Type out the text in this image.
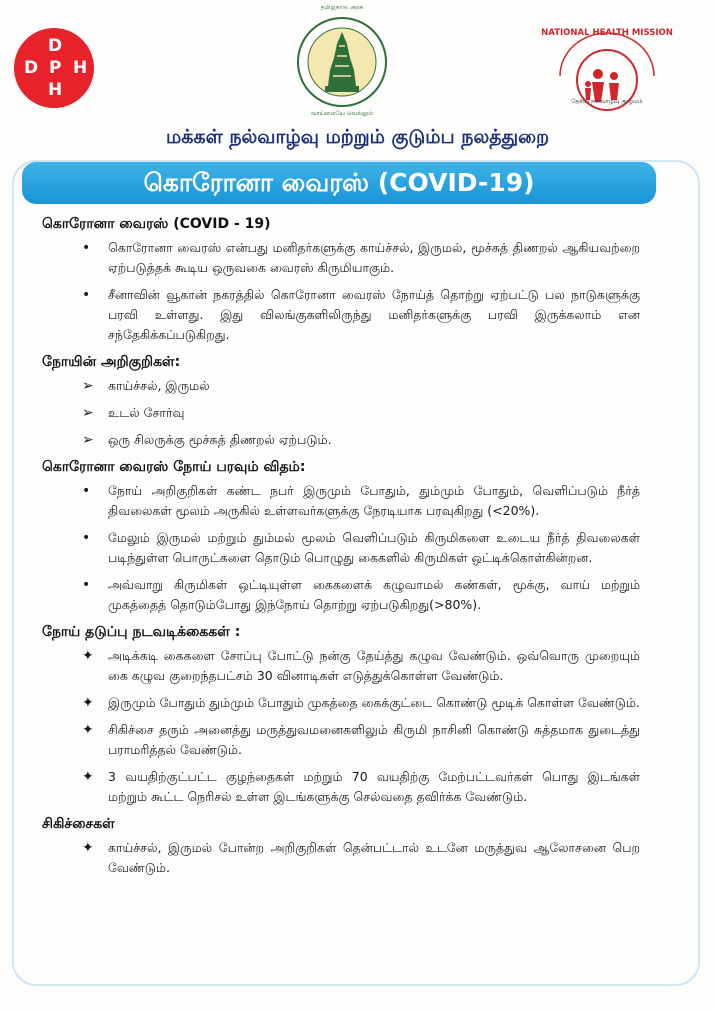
D
D P H
H
NATIONAL HEALTH MISSION
தேசிய நலவாழ்வு குழுமம்
தமிழ்நாடு அரசு
வாய்மையே வெல்லும்
மக்கள் நல்வாழ்வு மற்றும் குடும்ப நலத்துறை
கொரோனா வைரஸ் (COVID-19)
கொரோனா வைரஸ் (COVID - 19)
• கொரோனா வைரஸ் என்பது மனிதர்களுக்கு காய்ச்சல், இருமல், மூச்சுத் திணறல் ஆகியவற்றை ஏற்படுத்தக் கூடிய ஒருவகை வைரஸ் கிருமியாகும்.
• சீனாவின் வூகான் நகரத்தில் கொரோனா வைரஸ் நோய்த் தொற்று ஏற்பட்டு பல நாடுகளுக்கு பரவி உள்ளது. இது விலங்குகளிலிருந்து மனிதர்களுக்கு பரவி இருக்கலாம் என சந்தேகிக்கப்படுகிறது.
நோயின் அறிகுறிகள்:
➢ காய்ச்சல், இருமல்
➢ உடல் சோர்வு
➢ ஒரு சிலருக்கு மூச்சுத் திணறல் ஏற்படும்.
கொரோனா வைரஸ் நோய் பரவும் விதம்:
• நோய் அறிகுறிகள் கண்ட நபர் இருமும் போதும், தும்மும் போதும், வெளிப்படும் நீர்த் திவலைகள் மூலம் அருகில் உள்ளவர்களுக்கு நேரடியாக பரவுகிறது (<20%).
• மேலும் இருமல் மற்றும் தும்மல் மூலம் வெளிப்படும் கிருமிகளை உடைய நீர்த் திவலைகள் படிந்துள்ள பொருட்களை தொடும் பொழுது கைகளில் கிருமிகள் ஒட்டிக்கொள்கின்றன.
• அவ்வாறு கிருமிகள் ஒட்டியுள்ள கைகளைக் கழுவாமல் கண்கள், மூக்கு, வாய் மற்றும் முகத்தைத் தொடும்போது இந்நோய் தொற்று ஏற்படுகிறது(>80%).
நோய் தடுப்பு நடவடிக்கைகள் :
✦ அடிக்கடி கைகளை சோப்பு போட்டு நன்கு தேய்த்து கழுவ வேண்டும். ஒவ்வொரு முறையும் கை கழுவ குறைந்தபட்சம் 30 வினாடிகள் எடுத்துக்கொள்ள வேண்டும்.
✦ இருமும் போதும் தும்மும் போதும் முகத்தை கைக்குட்டை கொண்டு மூடிக் கொள்ள வேண்டும்.
✦ சிகிச்சை தரும் அனைத்து மருத்துவமனைகளிலும் கிருமி நாசினி கொண்டு சுத்தமாக துடைத்து பராமரித்தல் வேண்டும்.
✦ 3 வயதிற்குட்பட்ட குழந்தைகள் மற்றும் 70 வயதிற்கு மேற்பட்டவர்கள் பொது இடங்கள் மற்றும் கூட்ட நெரிசல் உள்ள இடங்களுக்கு செல்வதை தவிர்க்க வேண்டும்.
சிகிச்சைகள்
✦ காய்ச்சல், இருமல் போன்ற அறிகுறிகள் தென்பட்டால் உடனே மருத்துவ ஆலோசனை பெற வேண்டும்.
